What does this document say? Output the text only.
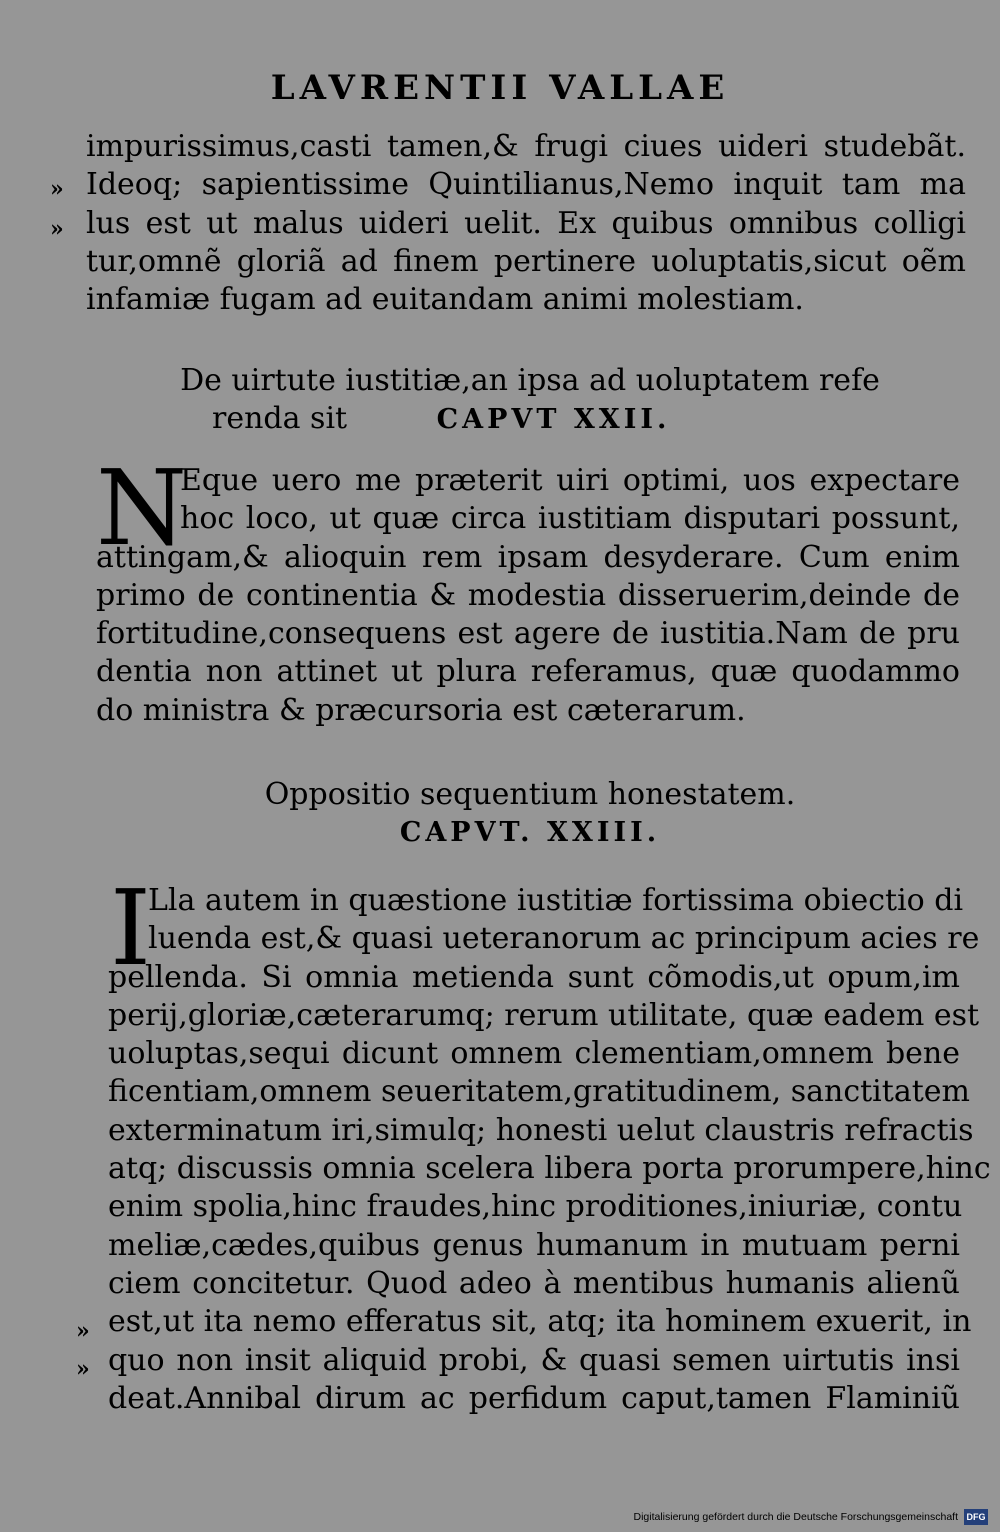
LAVRENTII VALLAE
»
»
impurissimus,casti tamen,& frugi ciues uideri studebãt.
Ideoq; sapientissime Quintilianus,Nemo inquit tam ma
lus est ut malus uideri uelit. Ex quibus omnibus colligi
tur,omnẽ gloriã ad finem pertinere uoluptatis,sicut oẽm
infamiæ fugam ad euitandam animi molestiam.
De uirtute iustitiæ,an ipsa ad uoluptatem refe
renda sit	CAPVT XXII.
N
Eque uero me præterit uiri optimi, uos expectare
hoc loco, ut quæ circa iustitiam disputari possunt,
attingam,& alioquin rem ipsam desyderare. Cum enim
primo de continentia & modestia disseruerim,deinde de
fortitudine,consequens est agere de iustitia.Nam de pru
dentia non attinet ut plura referamus, quæ quodammo
do ministra & præcursoria est cæterarum.
Oppositio sequentium honestatem.
CAPVT. XXIII.
I
Lla autem in quæstione iustitiæ fortissima obiectio di
luenda est,& quasi ueteranorum ac principum acies re
pellenda. Si omnia metienda sunt cõmodis,ut opum,im
perij,gloriæ,cæterarumq; rerum utilitate, quæ eadem est
uoluptas,sequi dicunt omnem clementiam,omnem bene
ficentiam,omnem seueritatem,gratitudinem, sanctitatem
exterminatum iri,simulq; honesti uelut claustris refractis
atq; discussis omnia scelera libera porta prorumpere,hinc
enim spolia,hinc fraudes,hinc proditiones,iniuriæ, contu
meliæ,cædes,quibus genus humanum in mutuam perni
ciem concitetur. Quod adeo à mentibus humanis alienũ
est,ut ita nemo efferatus sit, atq; ita hominem exuerit, in
quo non insit aliquid probi, & quasi semen uirtutis insi
deat.Annibal dirum ac perfidum caput,tamen Flaminiũ
»
»
Digitalisierung gefördert durch die Deutsche Forschungsgemeinschaft DFG
